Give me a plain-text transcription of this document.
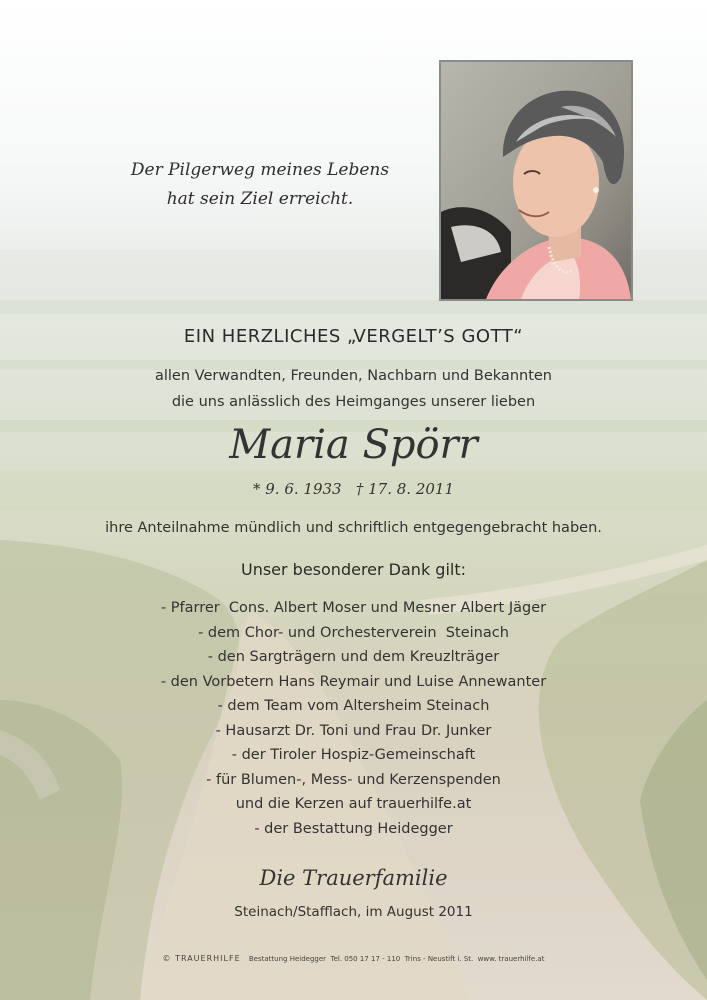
Der Pilgerweg meines Lebens
hat sein Ziel erreicht.
EIN HERZLICHES „VERGELT’S GOTT“
allen Verwandten, Freunden, Nachbarn und Bekannten
die uns anlässlich des Heimganges unserer lieben
Maria Spörr
* 9. 6. 1933   † 17. 8. 2011
ihre Anteilnahme mündlich und schriftlich entgegengebracht haben.
Unser besonderer Dank gilt:
- Pfarrer  Cons. Albert Moser und Mesner Albert Jäger
- dem Chor- und Orchesterverein  Steinach
- den Sargträgern und dem Kreuzlträger
- den Vorbetern Hans Reymair und Luise Annewanter
- dem Team vom Altersheim Steinach
- Hausarzt Dr. Toni und Frau Dr. Junker
- der Tiroler Hospiz-Gemeinschaft
- für Blumen-, Mess- und Kerzenspenden
und die Kerzen auf trauerhilfe.at
- der Bestattung Heidegger
Die Trauerfamilie
Steinach/Stafflach, im August 2011
© TRAUERHILFE Bestattung Heidegger  Tel. 050 17 17 - 110  Trins - Neustift i. St.  www. trauerhilfe.at
